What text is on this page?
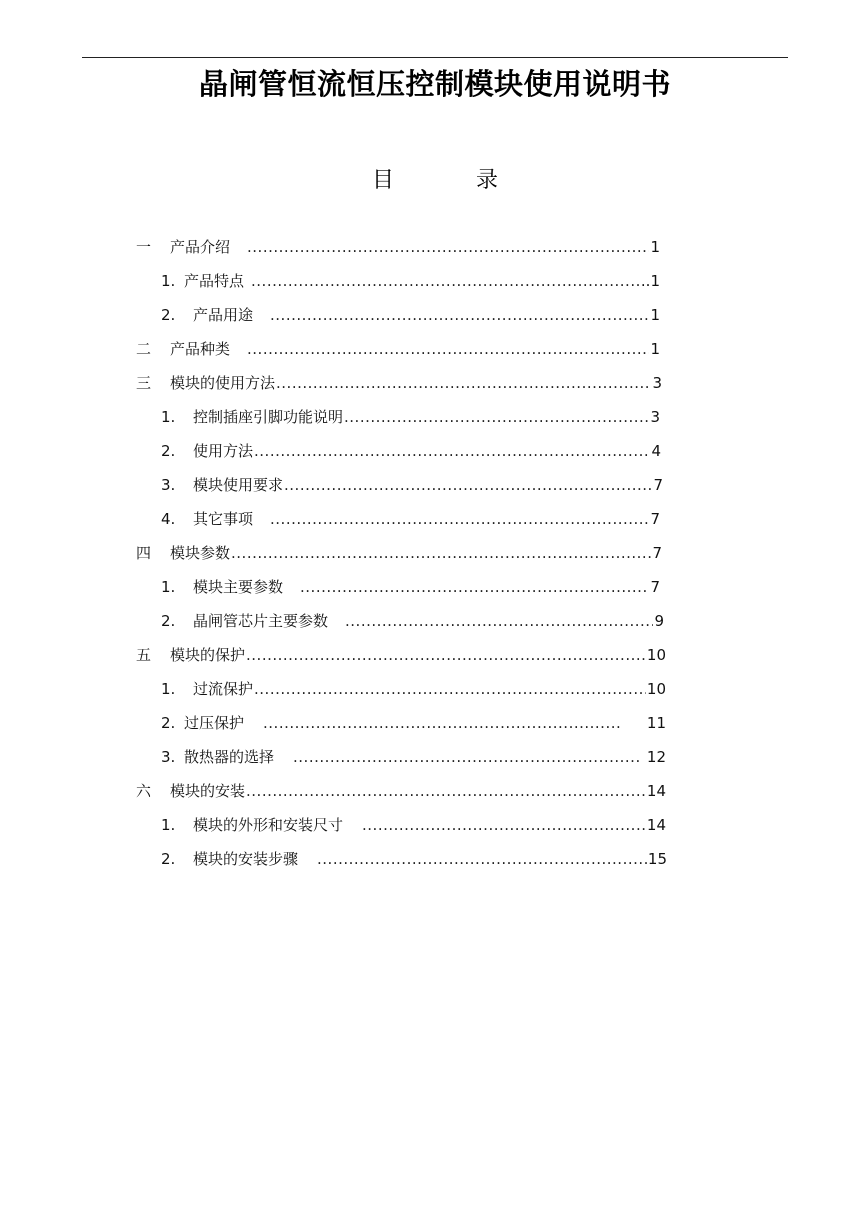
晶闸管恒流恒压控制模块使用说明书
目	录
一	产品介绍 .....	1
1. 产品特点 .....	..1
2.	产品用途 .....	1
二	产品种类 .....	1
三	模块的使用方法 .....	3
1.	控制插座引脚功能说明 .....	3
2.	使用方法 .....	4
3.	模块使用要求 .....	7
4.	其它事项 .....	7
四	模块参数 .....	7
1.	模块主要参数 .....	7
2.	晶闸管芯片主要参数 .....	9
五	模块的保护 .....	10
1.	过流保护 .....	10
2. 过压保护 .....	11
3. 散热器的选择 .....	12
六	模块的安装 .....	14
1.	模块的外形和安装尺寸 .....	14
2.	模块的安装步骤 .....	15
